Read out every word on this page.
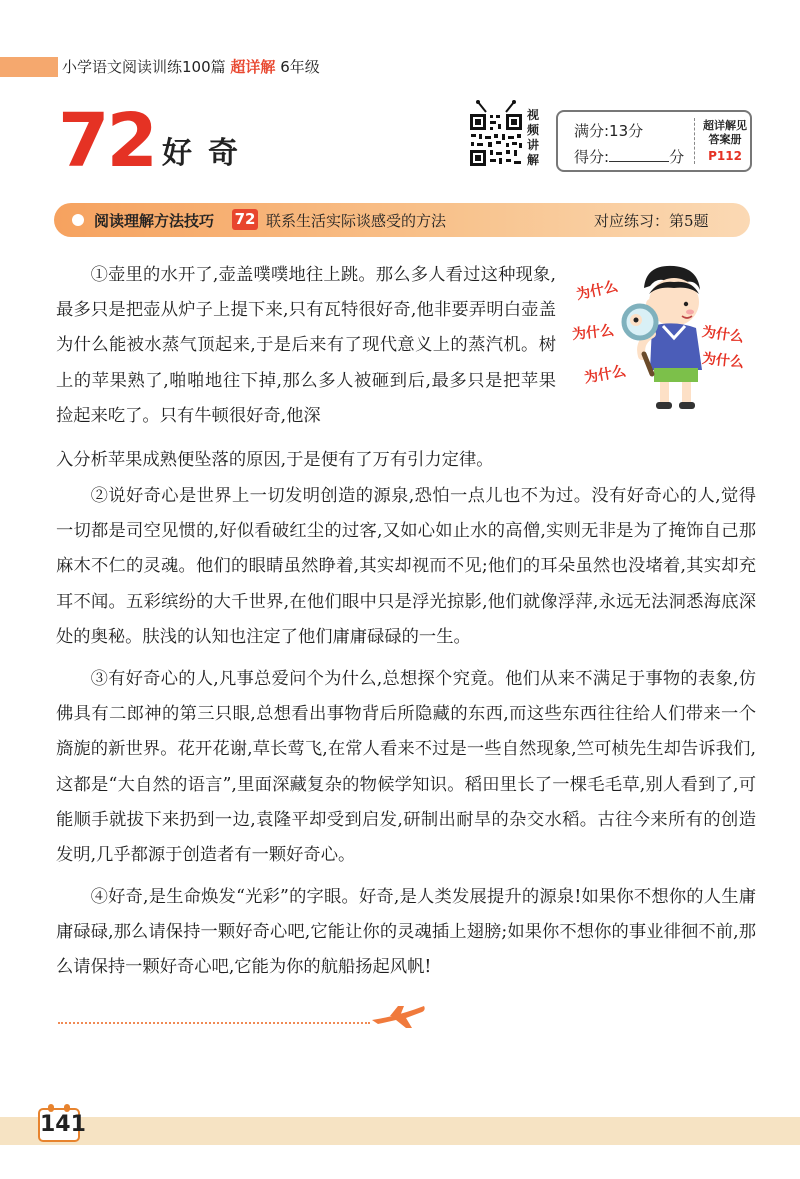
小学语文阅读训练100篇 超详解 6年级
72 好奇
视频讲解
满分:13分
得分:	分
超详解见
答案册
P112
阅读理解方法技巧 72 联系生活实际谈感受的方法	对应练习：第5题
①壶里的水开了,壶盖噗噗地往上跳。那么多人看过这种现象,最多只是把壶从炉子上提下来,只有瓦特很好奇,他非要弄明白壶盖为什么能被水蒸气顶起来,于是后来有了现代意义上的蒸汽机。树上的苹果熟了,啪啪地往下掉,那么多人被砸到后,最多只是把苹果捡起来吃了。只有牛顿很好奇,他深
入分析苹果成熟便坠落的原因,于是便有了万有引力定律。
②说好奇心是世界上一切发明创造的源泉,恐怕一点儿也不为过。没有好奇心的人,觉得一切都是司空见惯的,好似看破红尘的过客,又如心如止水的高僧,实则无非是为了掩饰自己那麻木不仁的灵魂。他们的眼睛虽然睁着,其实却视而不见;他们的耳朵虽然也没堵着,其实却充耳不闻。五彩缤纷的大千世界,在他们眼中只是浮光掠影,他们就像浮萍,永远无法洞悉海底深处的奥秘。肤浅的认知也注定了他们庸庸碌碌的一生。
③有好奇心的人,凡事总爱问个为什么,总想探个究竟。他们从来不满足于事物的表象,仿佛具有二郎神的第三只眼,总想看出事物背后所隐藏的东西,而这些东西往往给人们带来一个旖旎的新世界。花开花谢,草长莺飞,在常人看来不过是一些自然现象,竺可桢先生却告诉我们,这都是“大自然的语言”,里面深藏复杂的物候学知识。稻田里长了一棵毛毛草,别人看到了,可能顺手就拔下来扔到一边,袁隆平却受到启发,研制出耐旱的杂交水稻。古往今来所有的创造发明,几乎都源于创造者有一颗好奇心。
④好奇,是生命焕发“光彩”的字眼。好奇,是人类发展提升的源泉!如果你不想你的人生庸庸碌碌,那么请保持一颗好奇心吧,它能让你的灵魂插上翅膀;如果你不想你的事业徘徊不前,那么请保持一颗好奇心吧,它能为你的航船扬起风帆!
为什么
为什么
为什么
为什么
为什么
141
